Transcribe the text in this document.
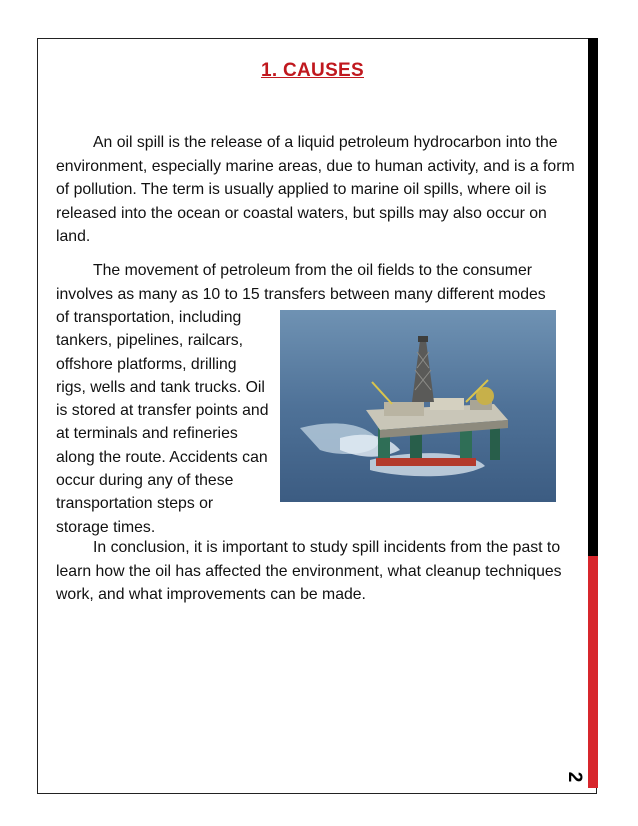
1. CAUSES

An oil spill is the release of a liquid petroleum hydrocarbon into the environment, especially marine areas, due to human activity, and is a form of pollution. The term is usually applied to marine oil spills, where oil is released into the ocean or coastal waters, but spills may also occur on land.

The movement of petroleum from the oil fields to the consumer
involves as many as 10 to 15 transfers between many different modes

of transportation, including tankers, pipelines, railcars, offshore platforms, drilling rigs, wells and tank trucks. Oil is stored at transfer points and at terminals and refineries along the route. Accidents can occur during any of these transportation steps or storage times.

In conclusion, it is important to study spill incidents from the past to learn how the oil has affected the environment, what cleanup techniques work, and what improvements can be made.

2
